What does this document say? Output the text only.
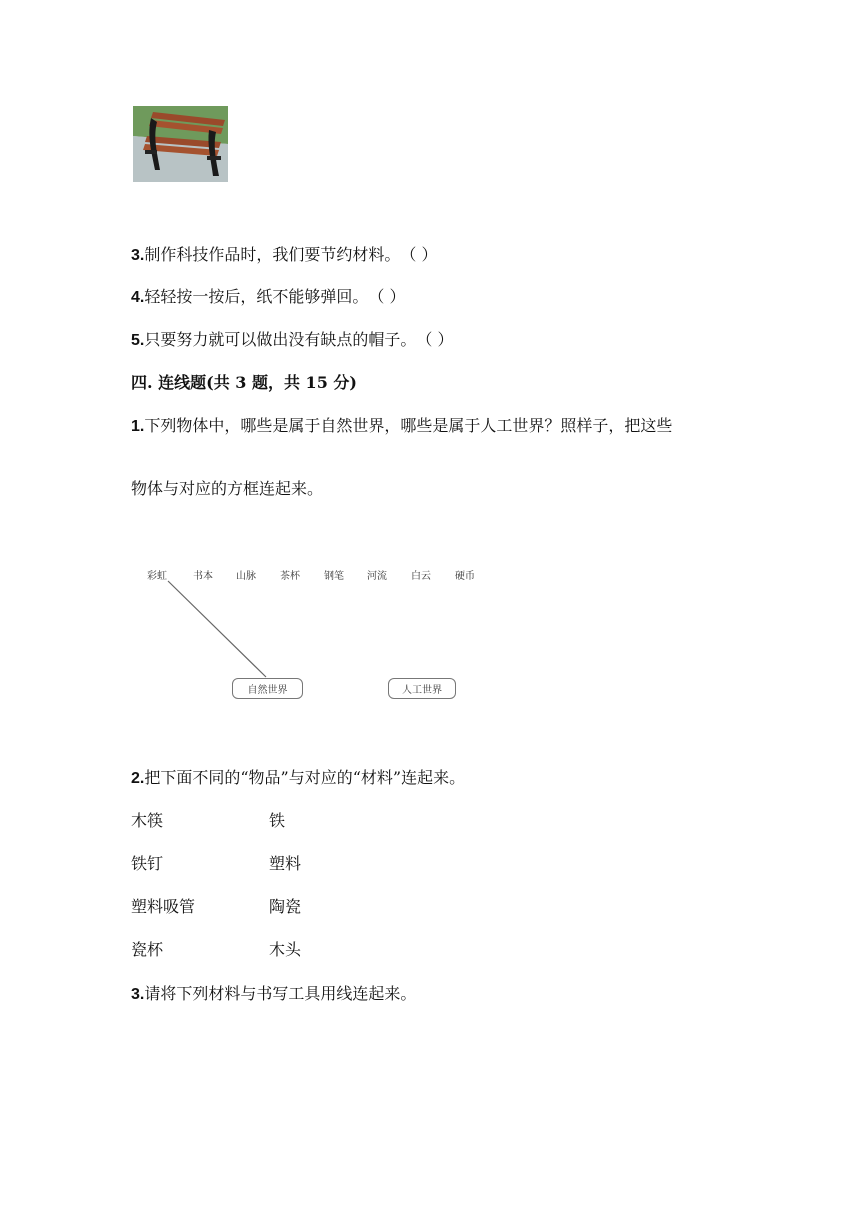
3.制作科技作品时，我们要节约材料。（ ）
4.轻轻按一按后，纸不能够弹回。（ ）
5.只要努力就可以做出没有缺点的帽子。（ ）
四. 连线题(共 3 题，共 15 分)
1.下列物体中，哪些是属于自然世界，哪些是属于人工世界？照样子，把这些
物体与对应的方框连起来。
彩虹	书本 山脉 茶杯 钢笔 河流 白云 硬币
自然世界	人工世界
2.把下面不同的“物品”与对应的“材料”连起来。
木筷	铁
铁钉	塑料
塑料吸管	陶瓷
瓷杯	木头
3.请将下列材料与书写工具用线连起来。
